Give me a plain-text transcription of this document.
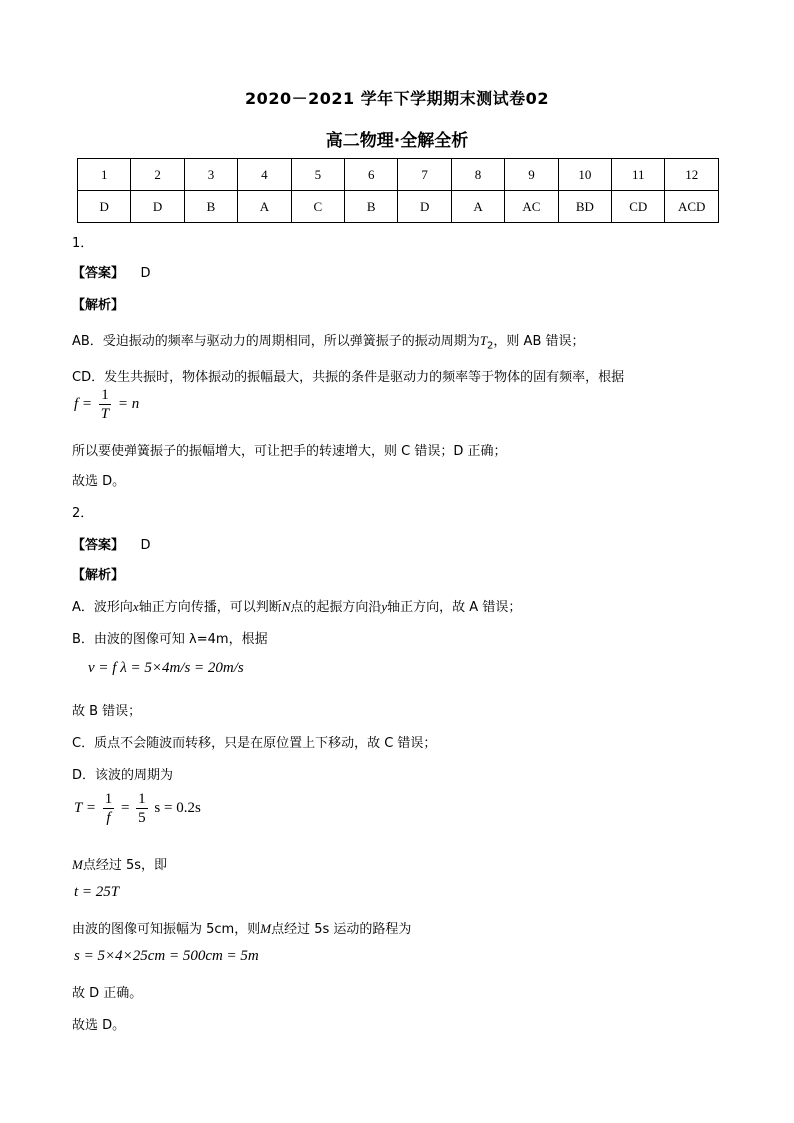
2020－2021 学年下学期期末测试卷02
高二物理·全解全析
1	2	3	4	5	6	7	8	9	10	11	12
D	D	B	A	C	B	D	A	AC	BD	CD	ACD
1．
【答案】 D
【解析】
AB．受迫振动的频率与驱动力的周期相同，所以弹簧振子的振动周期为$T_2$，则 AB 错误；
CD．发生共振时，物体振动的振幅最大，共振的条件是驱动力的频率等于物体的固有频率，根据
$f = \frac{1}{T} = n$
所以要使弹簧振子的振幅增大，可让把手的转速增大，则 C 错误；D 正确；
故选 D。
2．
【答案】 D
【解析】
A．波形向x轴正方向传播，可以判断N点的起振方向沿y轴正方向，故 A 错误；
B．由波的图像可知 λ=4m，根据
v = f λ = 5×4m/s = 20m/s
故 B 错误；
C．质点不会随波而转移，只是在原位置上下移动，故 C 错误；
D．该波的周期为
$T = \frac{1}{f} = \frac{1}{5}$ s = 0.2s
M点经过 5s，即
t = 25T
由波的图像可知振幅为 5cm，则M点经过 5s 运动的路程为
s = 5×4×25cm = 500cm = 5m
故 D 正确。
故选 D。
